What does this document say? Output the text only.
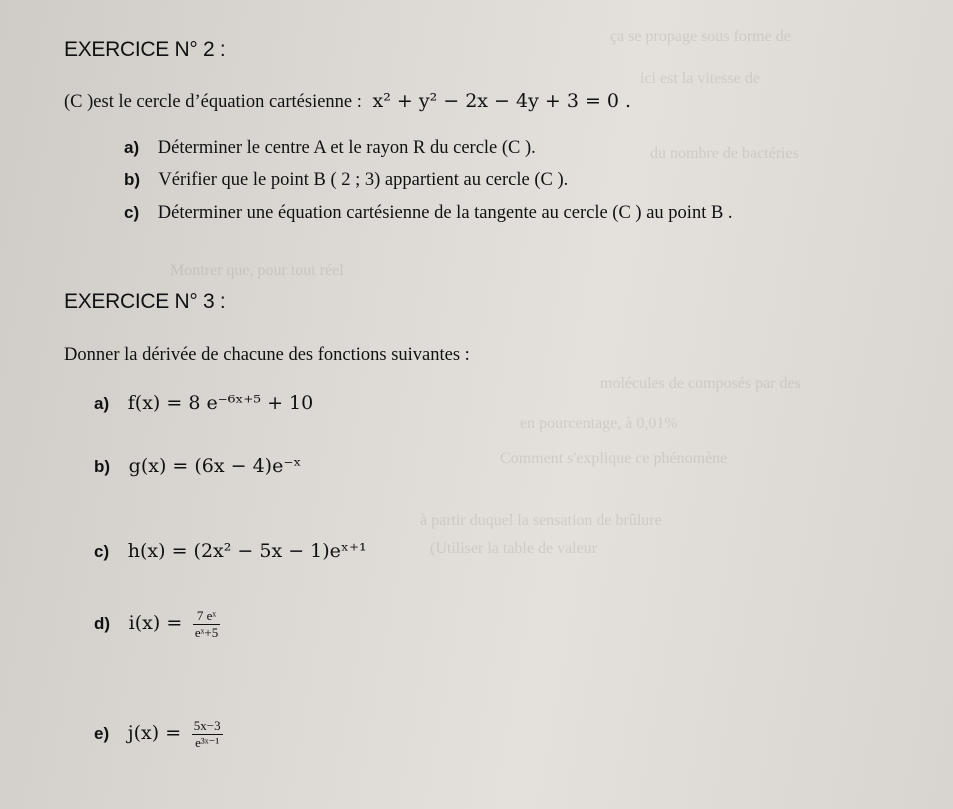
ça se propage sous forme de
ici est la vitesse de
du nombre de bactéries
Montrer que, pour tout réel
molécules de composés par des
en pourcentage, à 0,01%
Comment s'explique ce phénomène
à partir duquel la sensation de brûlure
(Utiliser la table de valeur
EXERCICE N° 2 :
(C )est le cercle d’équation cartésienne : x² + y² − 2x − 4y + 3 = 0 .
a) Déterminer le centre A et le rayon R du cercle (C ).
b) Vérifier que le point B ( 2 ; 3) appartient au cercle (C ).
c) Déterminer une équation cartésienne de la tangente au cercle (C ) au point B .
EXERCICE N° 3 :
Donner la dérivée de chacune des fonctions suivantes :
a) f(x) = 8 e⁻⁶ˣ⁺⁵ + 10
b) g(x) = (6x − 4)e⁻ˣ
c) h(x) = (2x² − 5x − 1)eˣ⁺¹
d) $i(x) = \frac{\text{7 eˣ}}{\text{eˣ+5}}$
e) $j(x) = \frac{5x-3}{\text{e³ˣ⁻¹}}$
